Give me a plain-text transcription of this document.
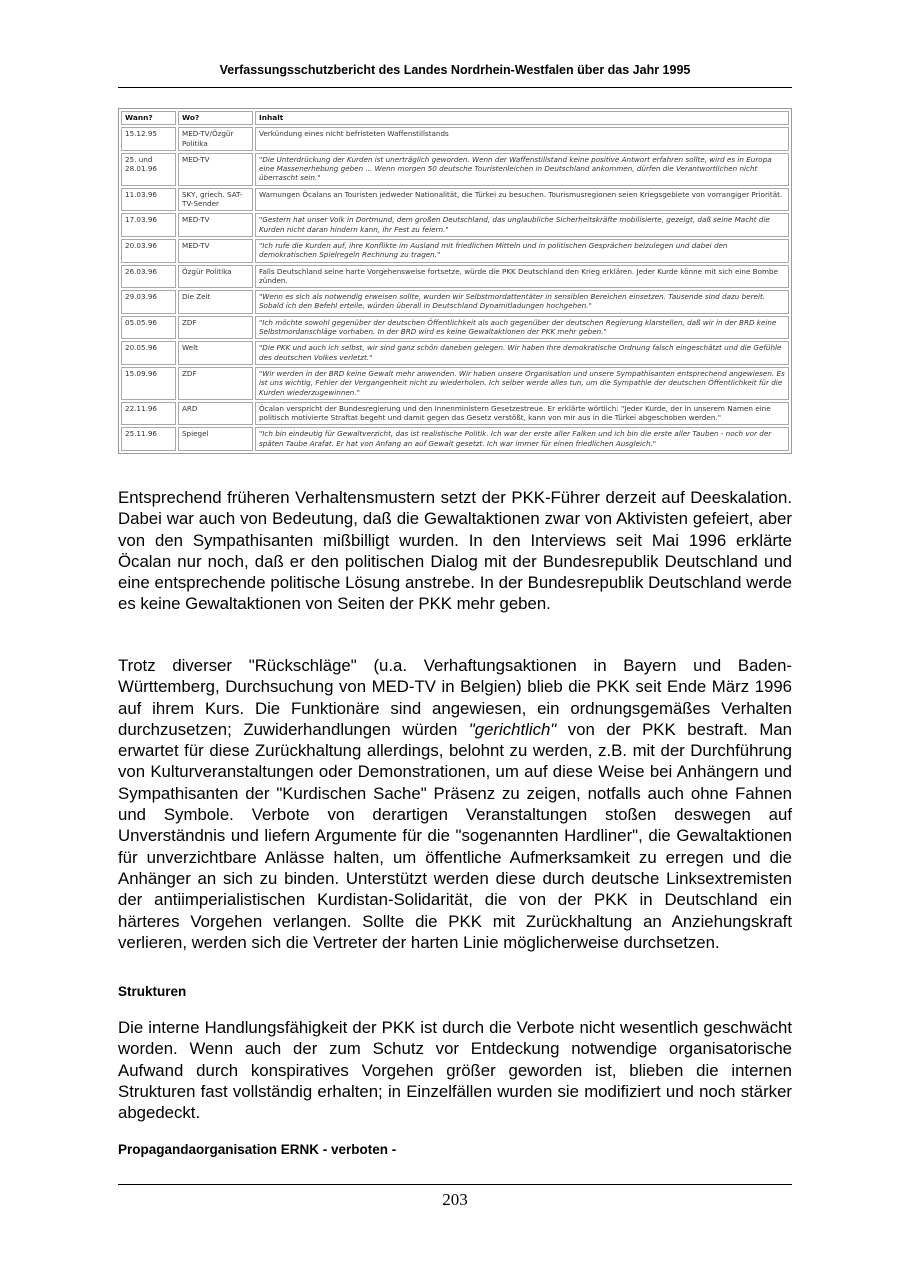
Verfassungsschutzbericht des Landes Nordrhein-Westfalen über das Jahr 1995
Wann?	Wo?	Inhalt
15.12.95	MED-TV/Özgür Politika	Verkündung eines nicht befristeten Waffenstillstands
25. und 28.01.96	MED-TV	"Die Unterdrückung der Kurden ist unerträglich geworden. Wenn der Waffenstillstand keine positive Antwort erfahren sollte, wird es in Europa eine Massenerhebung geben ... Wenn morgen 50 deutsche Touristenleichen in Deutschland ankommen, dürfen die Verantwortlichen nicht überrascht sein."
11.03.96	SKY, griech. SAT-TV-Sender	Warnungen Öcalans an Touristen jedweder Nationalität, die Türkei zu besuchen. Tourismusregionen seien Kriegsgebiete von vorrangiger Priorität.
17.03.96	MED-TV	"Gestern hat unser Volk in Dortmund, dem großen Deutschland, das unglaubliche Sicherheitskräfte mobilisierte, gezeigt, daß seine Macht die Kurden nicht daran hindern kann, ihr Fest zu feiern."
20.03.96	MED-TV	"Ich rufe die Kurden auf, ihre Konflikte im Ausland mit friedlichen Mitteln und in politischen Gesprächen beizulegen und dabei den demokratischen Spielregeln Rechnung zu tragen."
26.03.96	Özgür Politika	Falls Deutschland seine harte Vorgehensweise fortsetze, würde die PKK Deutschland den Krieg erklären. Jeder Kurde könne mit sich eine Bombe zünden.
29.03.96	Die Zeit	"Wenn es sich als notwendig erweisen sollte, wurden wir Selbstmordattentäter in sensiblen Bereichen einsetzen. Tausende sind dazu bereit. Sobald ich den Befehl erteile, würden überall in Deutschland Dynamitladungen hochgehen."
05.05.96	ZDF	"Ich möchte sowohl gegenüber der deutschen Öffentlichkeit als auch gegenüber der deutschen Regierung klarstellen, daß wir in der BRD keine Selbstmordanschläge vorhaben. In der BRD wird es keine Gewaltaktionen der PKK mehr geben."
20.05.96	Welt	"Die PKK und auch ich selbst, wir sind ganz schön daneben gelegen. Wir haben Ihre demokratische Ordnung falsch eingeschätzt und die Gefühle des deutschen Volkes verletzt."
15.09.96	ZDF	"Wir werden in der BRD keine Gewalt mehr anwenden. Wir haben unsere Organisation und unsere Sympathisanten entsprechend angewiesen. Es ist uns wichtig, Fehler der Vergangenheit nicht zu wiederholen. Ich selber werde alles tun, um die Sympathie der deutschen Öffentlichkeit für die Kurden wiederzugewinnen."
22.11.96	ARD	Öcalan verspricht der Bundesregierung und den Innenministern Gesetzestreue. Er erklärte wörtlich: "Jeder Kurde, der in unserem Namen eine politisch motivierte Straftat begeht und damit gegen das Gesetz verstößt, kann von mir aus in die Türkei abgeschoben werden."
25.11.96	Spiegel	"Ich bin eindeutig für Gewaltverzicht, das ist realistische Politik. Ich war der erste aller Falken und ich bin die erste aller Tauben - noch vor der späten Taube Arafat. Er hat von Anfang an auf Gewalt gesetzt. Ich war immer für einen friedlichen Ausgleich."

Entsprechend früheren Verhaltensmustern setzt der PKK-Führer derzeit auf Deeskalation. Dabei war auch von Bedeutung, daß die Gewaltaktionen zwar von Aktivisten gefeiert, aber von den Sympathisanten mißbilligt wurden. In den Interviews seit Mai 1996 erklärte Öcalan nur noch, daß er den politischen Dialog mit der Bundesrepublik Deutschland und eine entsprechende politische Lösung anstrebe. In der Bundesrepublik Deutschland werde es keine Gewaltaktionen von Seiten der PKK mehr geben.

Trotz diverser "Rückschläge" (u.a. Verhaftungsaktionen in Bayern und Baden-Württemberg, Durchsuchung von MED-TV in Belgien) blieb die PKK seit Ende März 1996 auf ihrem Kurs. Die Funktionäre sind angewiesen, ein ordnungsgemäßes Verhalten durchzusetzen; Zuwiderhandlungen würden "gerichtlich" von der PKK bestraft. Man erwartet für diese Zurückhaltung allerdings, belohnt zu werden, z.B. mit der Durchführung von Kulturveranstaltungen oder Demonstrationen, um auf diese Weise bei Anhängern und Sympathisanten der "Kurdischen Sache" Präsenz zu zeigen, notfalls auch ohne Fahnen und Symbole. Verbote von derartigen Veranstaltungen stoßen deswegen auf Unverständnis und liefern Argumente für die "sogenannten Hardliner", die Gewaltaktionen für unverzichtbare Anlässe halten, um öffentliche Aufmerksamkeit zu erregen und die Anhänger an sich zu binden. Unterstützt werden diese durch deutsche Linksextremisten der antiimperialistischen Kurdistan-Solidarität, die von der PKK in Deutschland ein härteres Vorgehen verlangen. Sollte die PKK mit Zurückhaltung an Anziehungskraft verlieren, werden sich die Vertreter der harten Linie möglicherweise durchsetzen.

Strukturen

Die interne Handlungsfähigkeit der PKK ist durch die Verbote nicht wesentlich geschwächt worden. Wenn auch der zum Schutz vor Entdeckung notwendige organisatorische Aufwand durch konspiratives Vorgehen größer geworden ist, blieben die internen Strukturen fast vollständig erhalten; in Einzelfällen wurden sie modifiziert und noch stärker abgedeckt.

Propagandaorganisation ERNK - verboten -
203
